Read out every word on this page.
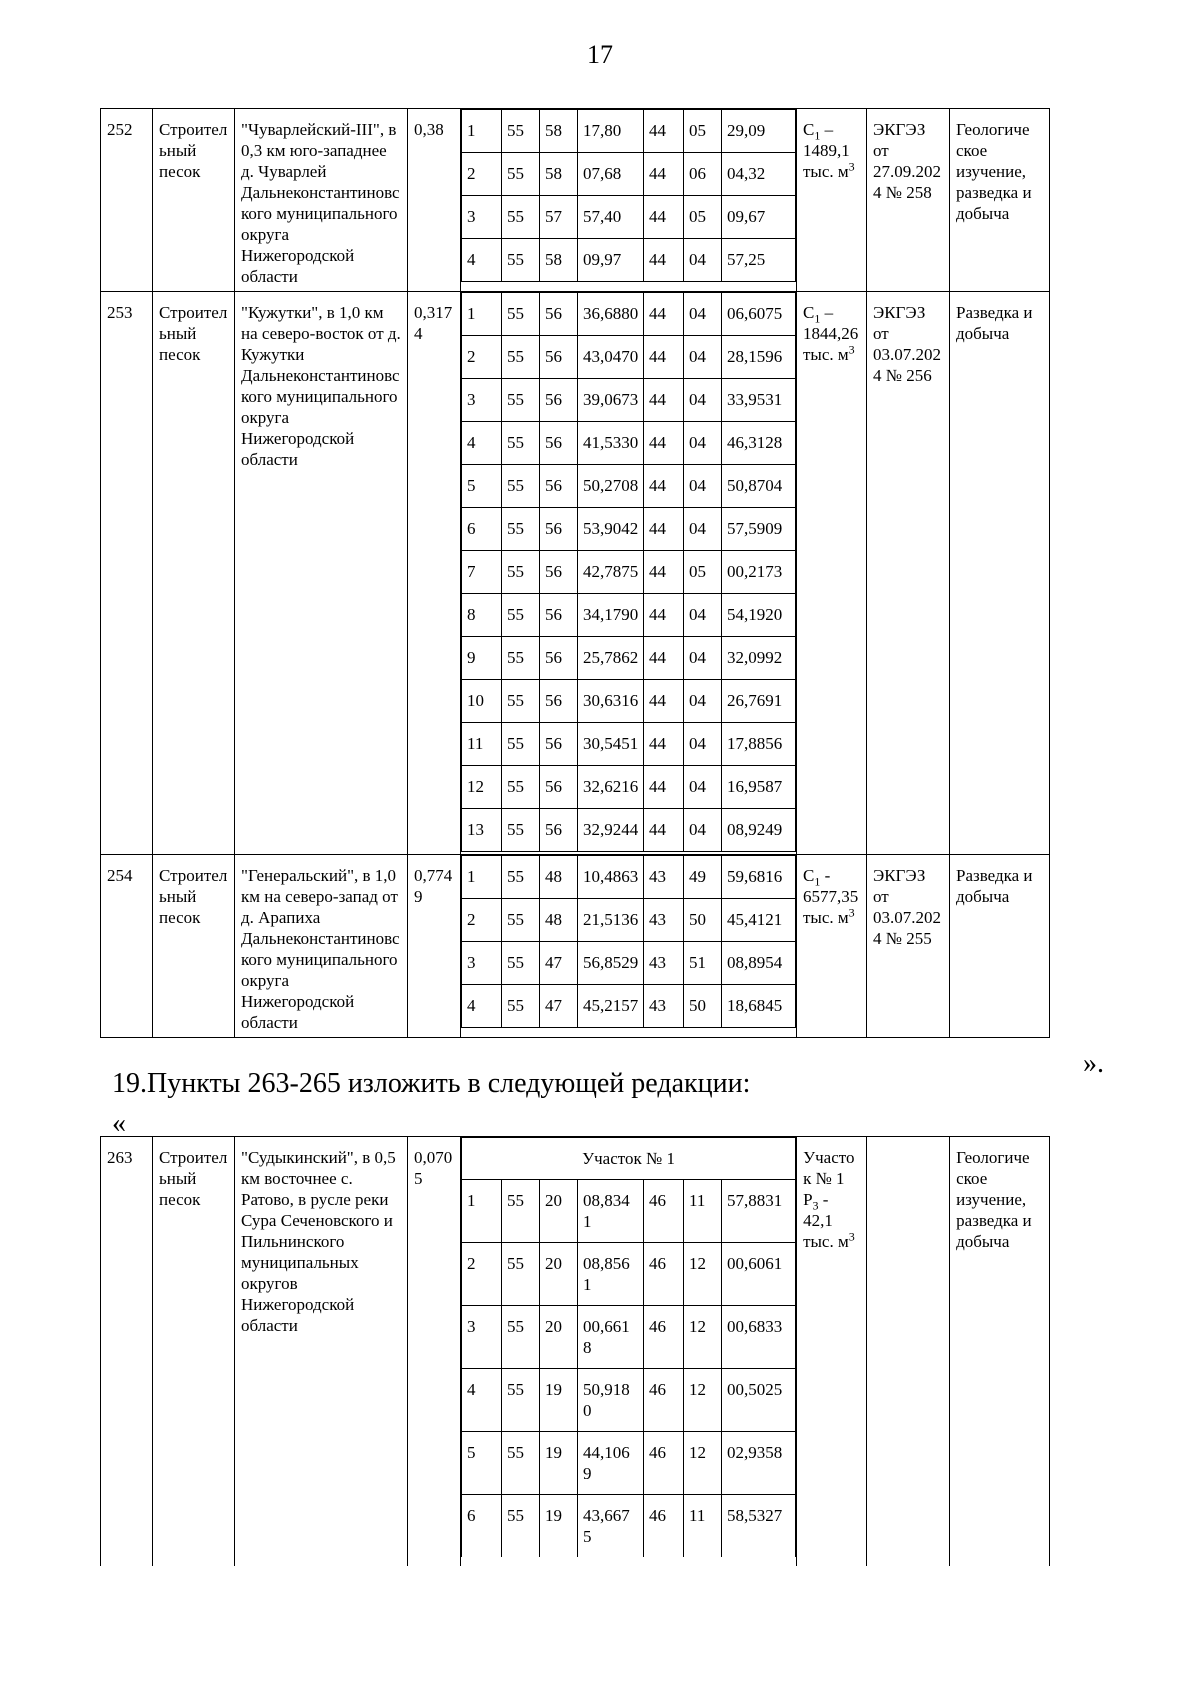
17
252	Строител ьный песок	"Чуварлейский-III", в 0,3 км юго-западнее д. Чуварлей Дальнеконстантиновс кого муниципального округа Нижегородской области	0,38	1	55	58	17,80	44	05	29,09
2	55	58	07,68	44	06	04,32
3	55	57	57,40	44	05	09,67
4	55	58	09,97	44	04	57,25
	$C_1 - 1489,1$ тыс. $м^3$	ЭКГЭЗ от 27.09.202 4 № 258	Геологиче ское изучение, разведка и добыча
253	Строител ьный песок	"Кужутки", в 1,0 км на северо-восток от д. Кужутки Дальнеконстантиновс кого муниципального округа Нижегородской области	0,317 4	
1	55	56	36,6880	44	04	06,6075
2	55	56	43,0470	44	04	28,1596
3	55	56	39,0673	44	04	33,9531
4	55	56	41,5330	44	04	46,3128
5	55	56	50,2708	44	04	50,8704
6	55	56	53,9042	44	04	57,5909
7	55	56	42,7875	44	05	00,2173
8	55	56	34,1790	44	04	54,1920
9	55	56	25,7862	44	04	32,0992
10	55	56	30,6316	44	04	26,7691
11	55	56	30,5451	44	04	17,8856
12	55	56	32,6216	44	04	16,9587
13	55	56	32,9244	44	04	08,9249
	$C_1 - 1844,26$ тыс. $м^3$	ЭКГЭЗ от 03.07.202 4 № 256	Разведка и добыча
254	Строител ьный песок	"Генеральский", в 1,0 км на северо-запад от д. Арапиха Дальнеконстантиновс кого муниципального округа Нижегородской области	0,774 9	
1	55	48	10,4863	43	49	59,6816
2	55	48	21,5136	43	50	45,4121
3	55	47	56,8529	43	51	08,8954
4	55	47	45,2157	43	50	18,6845
	$C_1 - 6577,35$ тыс. $м^3$	ЭКГЭЗ от 03.07.202 4 № 255	Разведка и добыча
».
19.Пункты 263-265 изложить в следующей редакции:
«
263	Строител ьный песок	"Судыкинский", в 0,5 км восточнее с. Ратово, в русле реки Сура Сеченовского и Пильнинского муниципальных округов Нижегородской области	0,070 5	
Участок № 1
1	55	20	08,834 1	46	11	57,8831
2	55	20	08,856 1	46	12	00,6061
3	55	20	00,661 8	46	12	00,6833
4	55	19	50,918 0	46	12	00,5025
5	55	19	44,106 9	46	12	02,9358
6	55	19	43,667 5	46	11	58,5327
	Участо к № 1 $P_3 - 42,1$ тыс. $м^3$		Геологиче ское изучение, разведка и добыча
